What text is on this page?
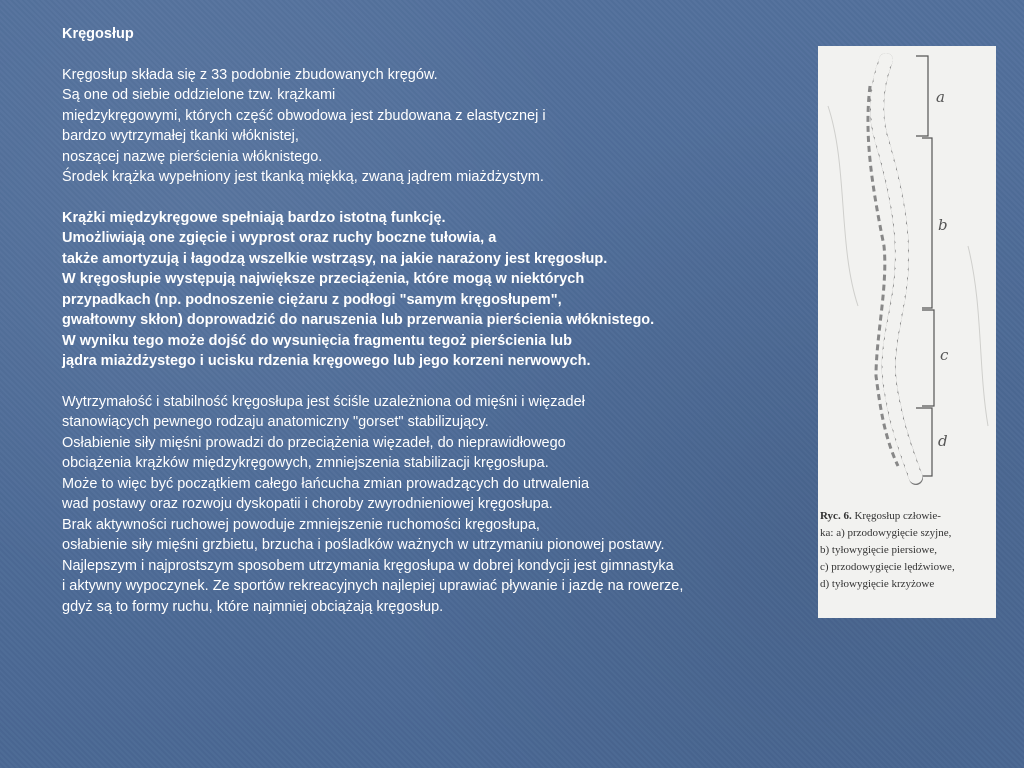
Kręgosłup

Kręgosłup składa się z 33 podobnie zbudowanych kręgów.

Są one od siebie oddzielone tzw. krążkami

międzykręgowymi, których część obwodowa jest zbudowana z elastycznej i

bardzo wytrzymałej tkanki włóknistej,

noszącej nazwę pierścienia włóknistego.

Środek krążka wypełniony jest tkanką miękką, zwaną jądrem miażdżystym.

Krążki międzykręgowe spełniają bardzo istotną funkcję.

Umożliwiają one zgięcie i wyprost oraz ruchy boczne tułowia, a

także amortyzują i łagodzą wszelkie wstrząsy, na jakie narażony jest kręgosłup.

W kręgosłupie występują największe przeciążenia, które mogą w niektórych

przypadkach (np. podnoszenie ciężaru z podłogi "samym kręgosłupem",

gwałtowny skłon) doprowadzić do naruszenia lub przerwania pierścienia włóknistego.

W wyniku tego może dojść do wysunięcia fragmentu tegoż pierścienia lub

jądra miażdżystego i ucisku rdzenia kręgowego lub jego korzeni nerwowych.

Wytrzymałość i stabilność kręgosłupa jest ściśle uzależniona od mięśni i więzadeł

stanowiących pewnego rodzaju anatomiczny "gorset" stabilizujący.

Osłabienie siły mięśni prowadzi do przeciążenia więzadeł, do nieprawidłowego

obciążenia krążków międzykręgowych, zmniejszenia stabilizacji kręgosłupa.

Może to więc być początkiem całego łańcucha zmian prowadzących do utrwalenia

wad postawy oraz rozwoju dyskopatii i choroby zwyrodnieniowej kręgosłupa.

Brak aktywności ruchowej powoduje zmniejszenie ruchomości kręgosłupa,

osłabienie siły mięśni grzbietu, brzucha i pośladków ważnych w utrzymaniu pionowej postawy.

Najlepszym i najprostszym sposobem utrzymania kręgosłupa w dobrej kondycji jest gimnastyka

i aktywny wypoczynek. Ze sportów rekreacyjnych najlepiej uprawiać pływanie i jazdę na rowerze,

gdyż są to formy ruchu, które najmniej obciążają kręgosłup.

a
b
c
d
Ryc. 6. Kręgosłup człowie-
ka: a) przodowygięcie szyjne,
b) tyłowygięcie piersiowe,
c) przodowygięcie lędźwiowe,
d) tyłowygięcie krzyżowe
